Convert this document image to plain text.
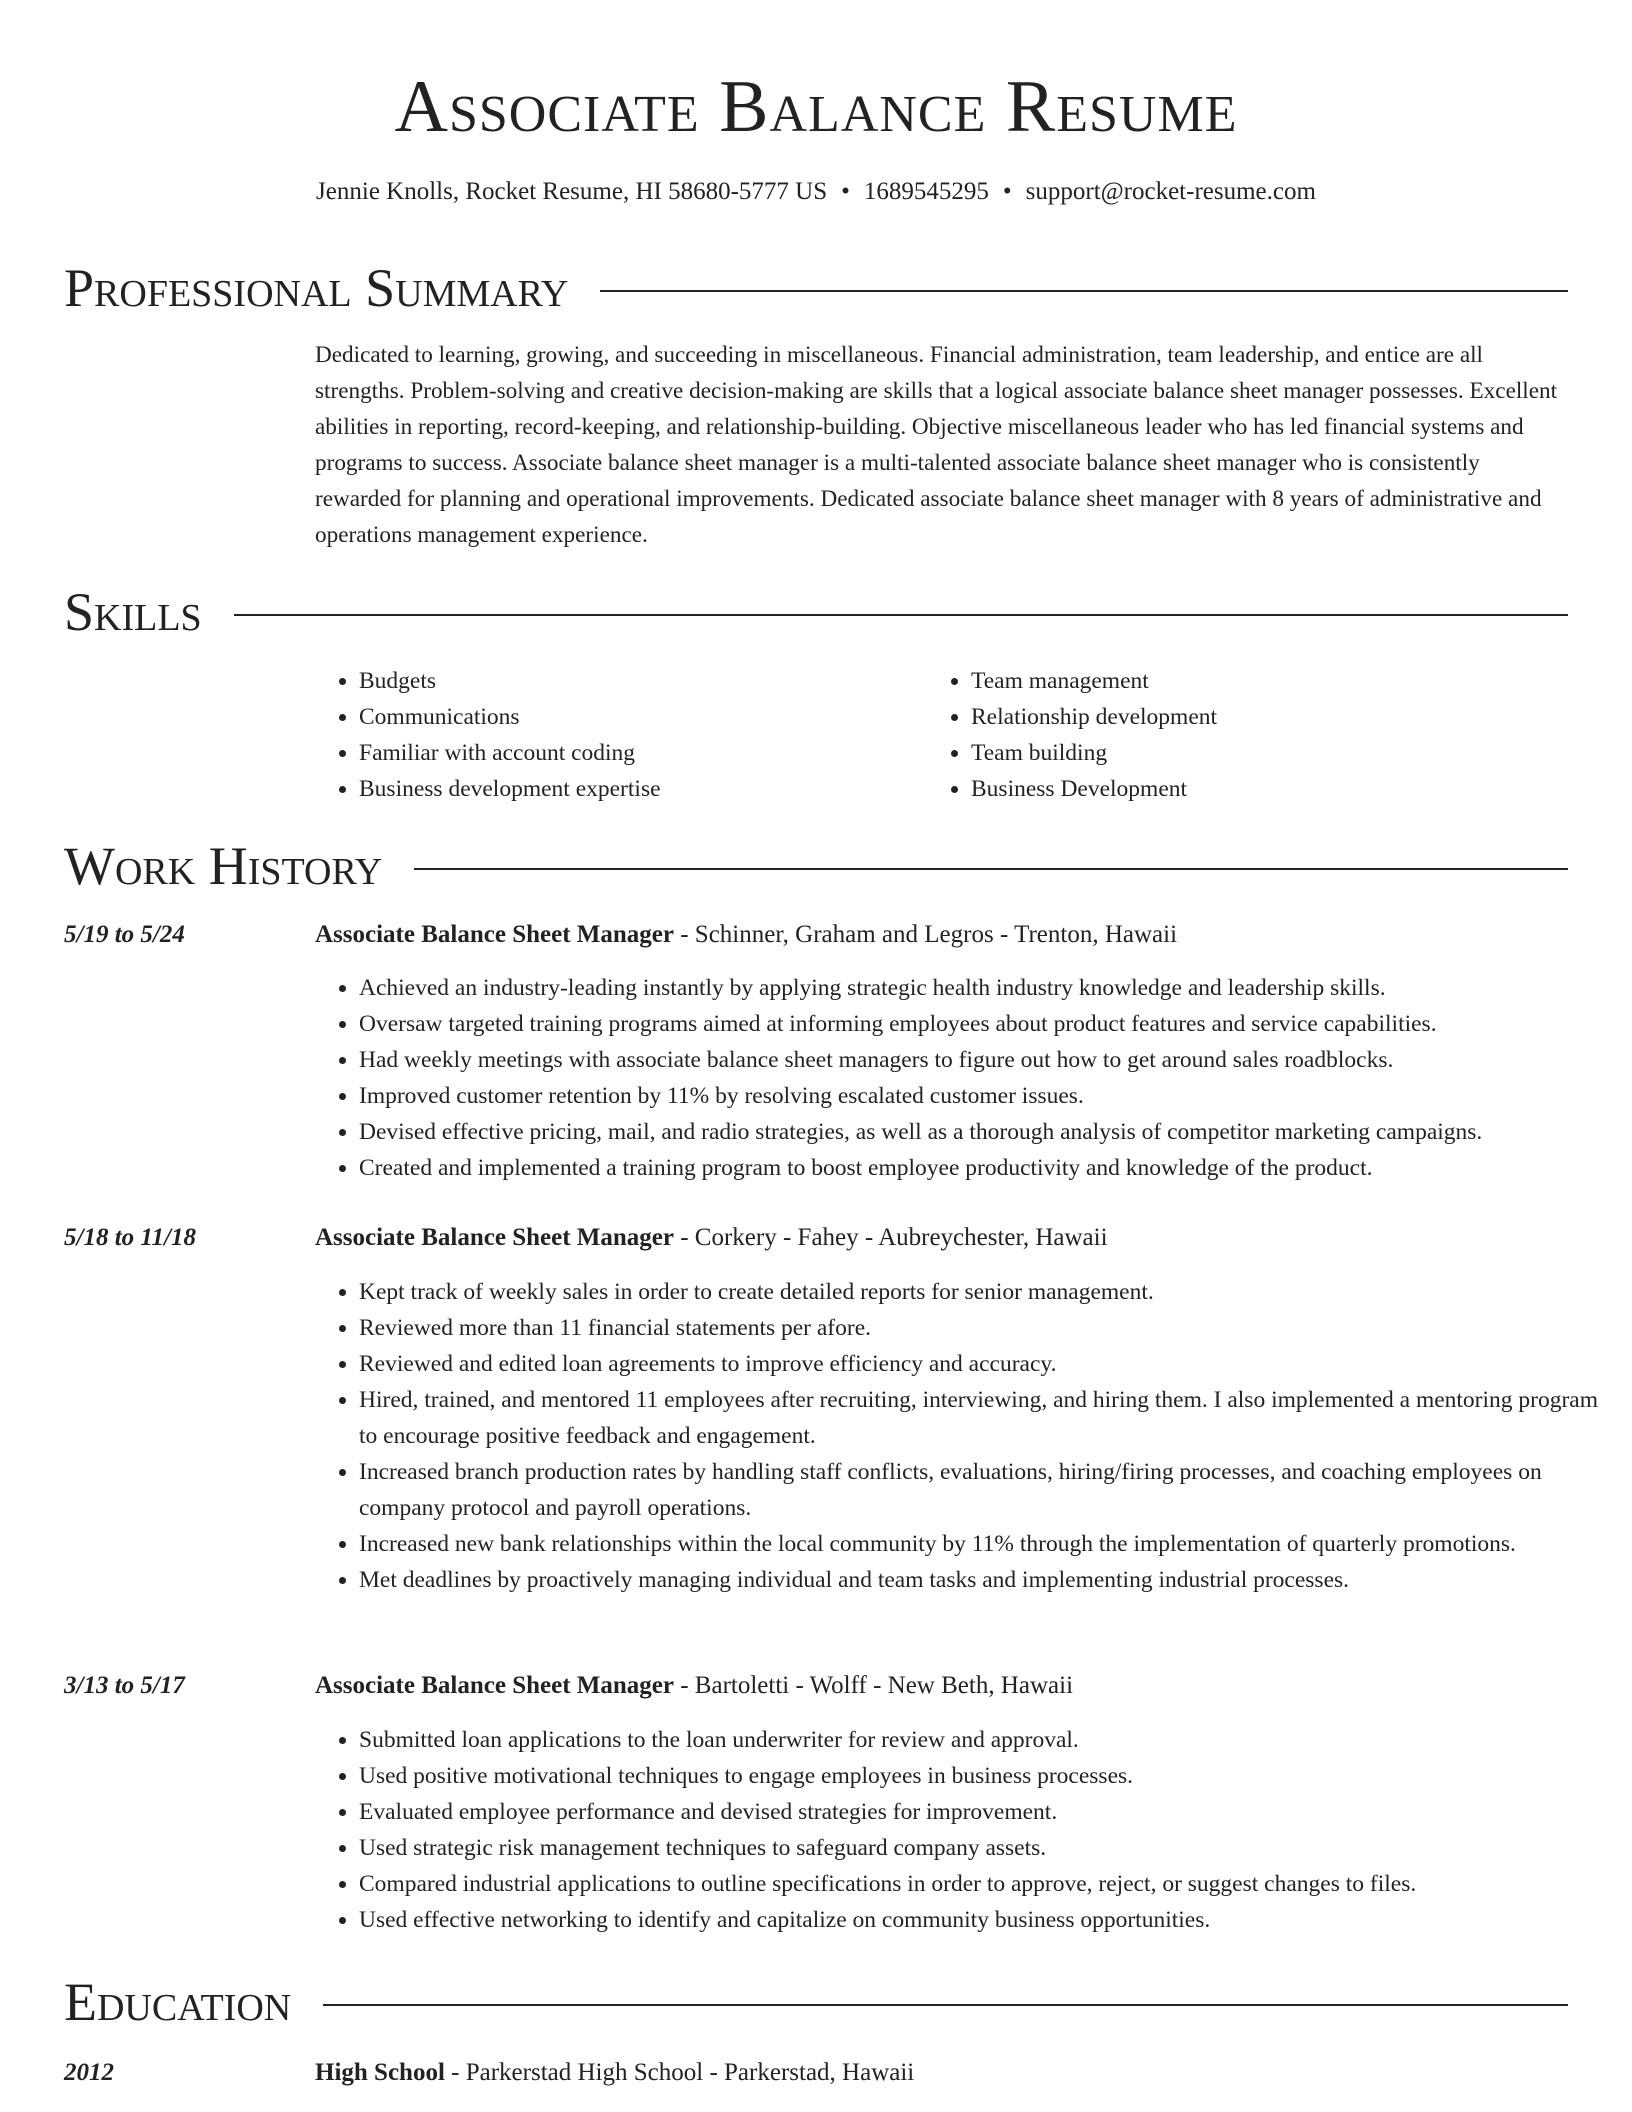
Associate Balance Resume
Jennie Knolls, Rocket Resume, HI 58680-5777 US • 1689545295 • support@rocket-resume.com
Professional Summary
Dedicated to learning, growing, and succeeding in miscellaneous. Financial administration, team leadership, and entice are all strengths. Problem-solving and creative decision-making are skills that a logical associate balance sheet manager possesses. Excellent abilities in reporting, record-keeping, and relationship-building. Objective miscellaneous leader who has led financial systems and programs to success. Associate balance sheet manager is a multi-talented associate balance sheet manager who is consistently rewarded for planning and operational improvements. Dedicated associate balance sheet manager with 8 years of administrative and operations management experience.
Skills
• Budgets
• Communications
• Familiar with account coding
• Business development expertise
• Team management
• Relationship development
• Team building
• Business Development
Work History
5/19 to 5/24	Associate Balance Sheet Manager - Schinner, Graham and Legros - Trenton, Hawaii
• Achieved an industry-leading instantly by applying strategic health industry knowledge and leadership skills.
• Oversaw targeted training programs aimed at informing employees about product features and service capabilities.
• Had weekly meetings with associate balance sheet managers to figure out how to get around sales roadblocks.
• Improved customer retention by 11% by resolving escalated customer issues.
• Devised effective pricing, mail, and radio strategies, as well as a thorough analysis of competitor marketing campaigns.
• Created and implemented a training program to boost employee productivity and knowledge of the product.
5/18 to 11/18	Associate Balance Sheet Manager - Corkery - Fahey - Aubreychester, Hawaii
• Kept track of weekly sales in order to create detailed reports for senior management.
• Reviewed more than 11 financial statements per afore.
• Reviewed and edited loan agreements to improve efficiency and accuracy.
• Hired, trained, and mentored 11 employees after recruiting, interviewing, and hiring them. I also implemented a mentoring program to encourage positive feedback and engagement.
• Increased branch production rates by handling staff conflicts, evaluations, hiring/firing processes, and coaching employees on company protocol and payroll operations.
• Increased new bank relationships within the local community by 11% through the implementation of quarterly promotions.
• Met deadlines by proactively managing individual and team tasks and implementing industrial processes.
3/13 to 5/17	Associate Balance Sheet Manager - Bartoletti - Wolff - New Beth, Hawaii
• Submitted loan applications to the loan underwriter for review and approval.
• Used positive motivational techniques to engage employees in business processes.
• Evaluated employee performance and devised strategies for improvement.
• Used strategic risk management techniques to safeguard company assets.
• Compared industrial applications to outline specifications in order to approve, reject, or suggest changes to files.
• Used effective networking to identify and capitalize on community business opportunities.
Education
2012	High School - Parkerstad High School - Parkerstad, Hawaii
